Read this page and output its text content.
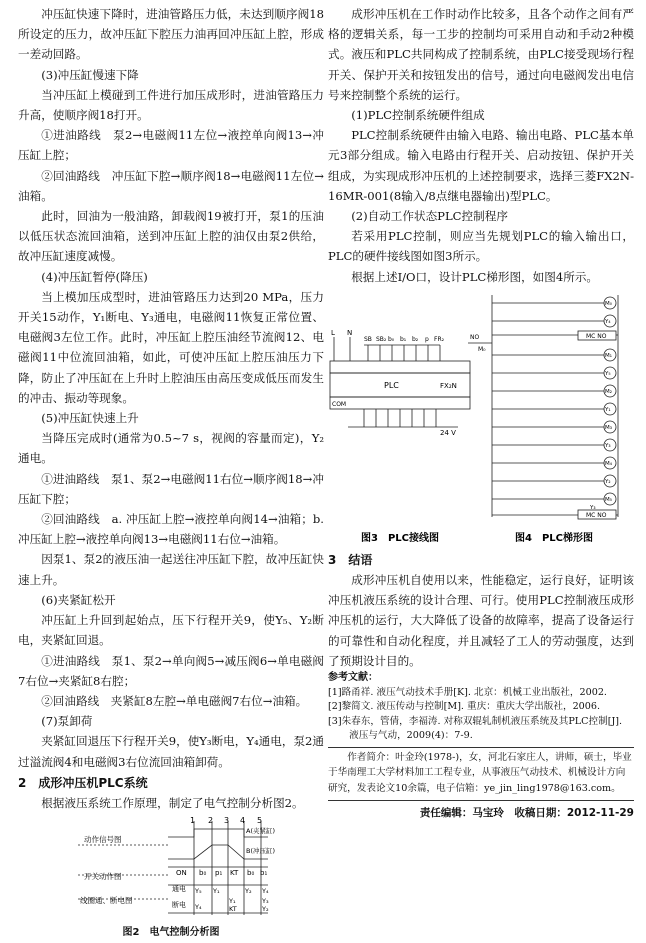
冲压缸快速下降时，进油管路压力低，未达到顺序阀18所设定的压力，故冲压缸下腔压力油再回冲压缸上腔，形成一差动回路。
(3)冲压缸慢速下降
当冲压缸上模碰到工件进行加压成形时，进油管路压力升高，使顺序阀18打开。
①进油路线　泵2→电磁阀11左位→液控单向阀13→冲压缸上腔；
②回油路线　冲压缸下腔→顺序阀18→电磁阀11左位→油箱。
此时，回油为一般油路，卸载阀19被打开，泵1的压油以低压状态流回油箱，送到冲压缸上腔的油仅由泵2供给，故冲压缸速度减慢。
(4)冲压缸暂停(降压)
当上模加压成型时，进油管路压力达到20 MPa，压力开关15动作，Y₁断电、Y₃通电，电磁阀11恢复正常位置、电磁阀3左位工作。此时，冲压缸上腔压油经节流阀12、电磁阀11中位流回油箱，如此，可使冲压缸上腔压油压力下降，防止了冲压缸在上升时上腔油压由高压变成低压而发生的冲击、振动等现象。
(5)冲压缸快速上升
当降压完成时(通常为0.5~7 s，视阀的容量而定)，Y₂通电。
①进油路线　泵1、泵2→电磁阀11右位→顺序阀18→冲压缸下腔；
②回油路线　a. 冲压缸上腔→液控单向阀14→油箱；b. 冲压缸上腔→液控单向阀13→电磁阀11右位→油箱。
因泵1、泵2的液压油一起送往冲压缸下腔，故冲压缸快速上升。
(6)夹紧缸松开
冲压缸上升回到起始点，压下行程开关9，使Y₅、Y₂断电，夹紧缸回退。
①进油路线　泵1、泵2→单向阀5→减压阀6→单电磁阀7右位→夹紧缸8右腔；
②回油路线　夹紧缸8左腔→单电磁阀7右位→油箱。
(7)泵卸荷
夹紧缸回退压下行程开关9，使Y₃断电，Y₄通电，泵2通过溢流阀4和电磁阀3右位流回油箱卸荷。
2　成形冲压机PLC系统
根据液压系统工作原理，制定了电气控制分析图2。
1 2 3 4 5
A(夹紧缸)
B(冲压缸)
动作信号图
开关动作图
线圈通、断电图
ON b₀ p₁ KT b₀ b₁
通电
断电
Y₅ Y₁	Y₂ Y₄
Y₄
Y₁
KT
Y₃
Y₂
图2　电气控制分析图
成形冲压机在工作时动作比较多，且各个动作之间有严格的逻辑关系，每一工步的控制均可采用自动和手动2种模式。液压和PLC共同构成了控制系统，由PLC接受现场行程开关、保护开关和按钮发出的信号，通过向电磁阀发出电信号来控制整个系统的运行。
(1)PLC控制系统硬件组成
PLC控制系统硬件由输入电路、输出电路、PLC基本单元3部分组成。输入电路由行程开关、启动按钮、保护开关组成，为实现成形冲压机的上述控制要求，选择三菱FX2N-16MR-001(8输入/8点继电器输出)型PLC。
(2)自动工作状态PLC控制程序
若采用PLC控制，则应当先规划PLC的输入输出口，PLC的硬件接线图如图3所示。
根据上述I/O口，设计PLC梯形图，如图4所示。
L N
SB SB₂ b₀ b₁ b₂ p FR₂
PLC	FX₂N
COM
24 V
图3　PLC接线图
MC NO
MC NO
NO
M₀
M₀
Y₄
M₁
Y₅
M₂
Y₁
M₃
Y₃
M₄
Y₂
M₅
Y₃
图4　PLC梯形图
3　结语
成形冲压机自使用以来，性能稳定，运行良好，证明该冲压机液压系统的设计合理、可行。使用PLC控制液压成形冲压机的运行，大大降低了设备的故障率，提高了设备运行的可靠性和自动化程度，并且减轻了工人的劳动强度，达到了预期设计目的。
参考文献：
[1]路甬祥. 液压气动技术手册[K]. 北京：机械工业出版社，2002.
[2]黎简文. 液压传动与控制[M]. 重庆：重庆大学出版社，2006.
[3]朱春东，管倩，李福涛. 对称双辊轧制机液压系统及其PLC控制[J]. 液压与气动，2009(4)：7-9.
作者简介：叶金玲(1978-)，女，河北石家庄人，讲师，硕士，毕业于华南理工大学材料加工工程专业，从事液压气动技术、机械设计方向研究，发表论文10余篇，电子信箱：ye_jin_ling1978@163.com。
责任编辑：马宝玲　收稿日期：2012-11-29
